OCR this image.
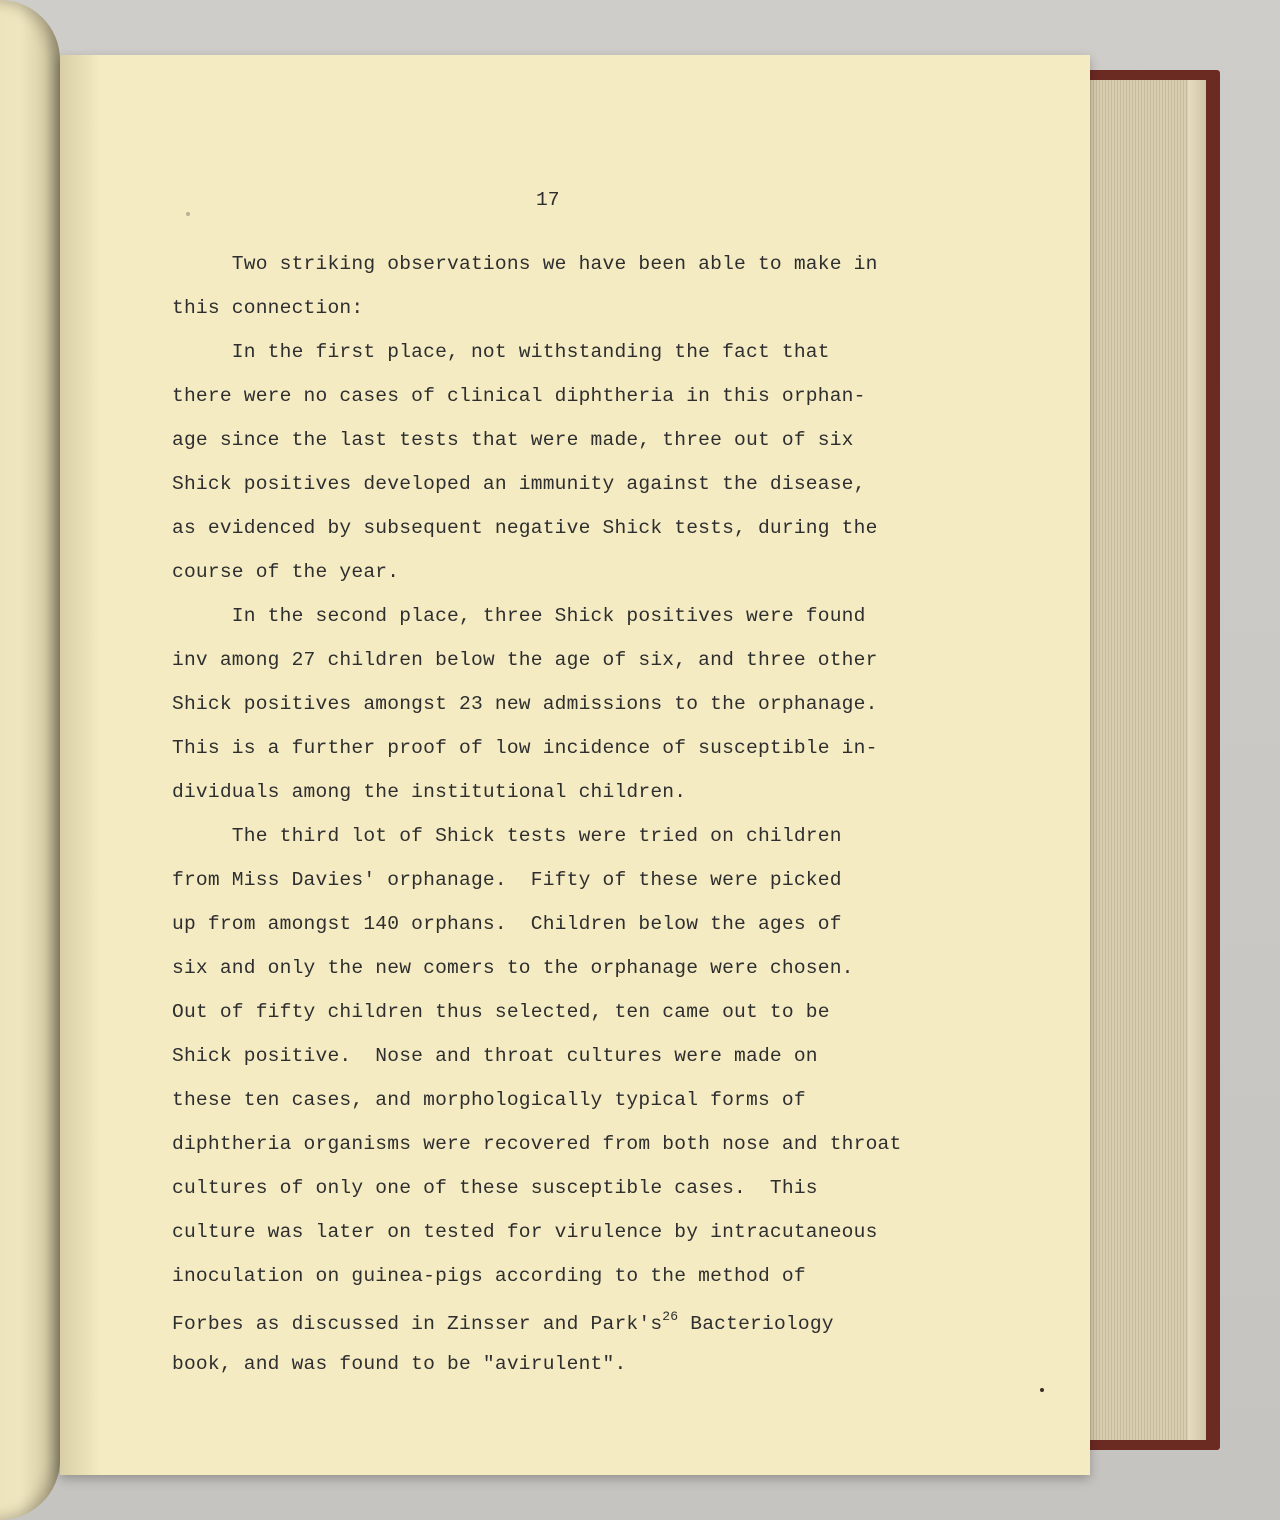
17
Two striking observations we have been able to make in
this connection:
In the first place, not withstanding the fact that
there were no cases of clinical diphtheria in this orphan-
age since the last tests that were made, three out of six
Shick positives developed an immunity against the disease,
as evidenced by subsequent negative Shick tests, during the
course of the year.
In the second place, three Shick positives were found
inv among 27 children below the age of six, and three other
Shick positives amongst 23 new admissions to the orphanage.
This is a further proof of low incidence of susceptible in-
dividuals among the institutional children.
The third lot of Shick tests were tried on children
from Miss Davies' orphanage.  Fifty of these were picked
up from amongst 140 orphans.  Children below the ages of
six and only the new comers to the orphanage were chosen.
Out of fifty children thus selected, ten came out to be
Shick positive.  Nose and throat cultures were made on
these ten cases, and morphologically typical forms of
diphtheria organisms were recovered from both nose and throat
cultures of only one of these susceptible cases.  This
culture was later on tested for virulence by intracutaneous
inoculation on guinea-pigs according to the method of
Forbes as discussed in Zinsser and $Park's^{26}$ Bacteriology
book, and was found to be "avirulent".
